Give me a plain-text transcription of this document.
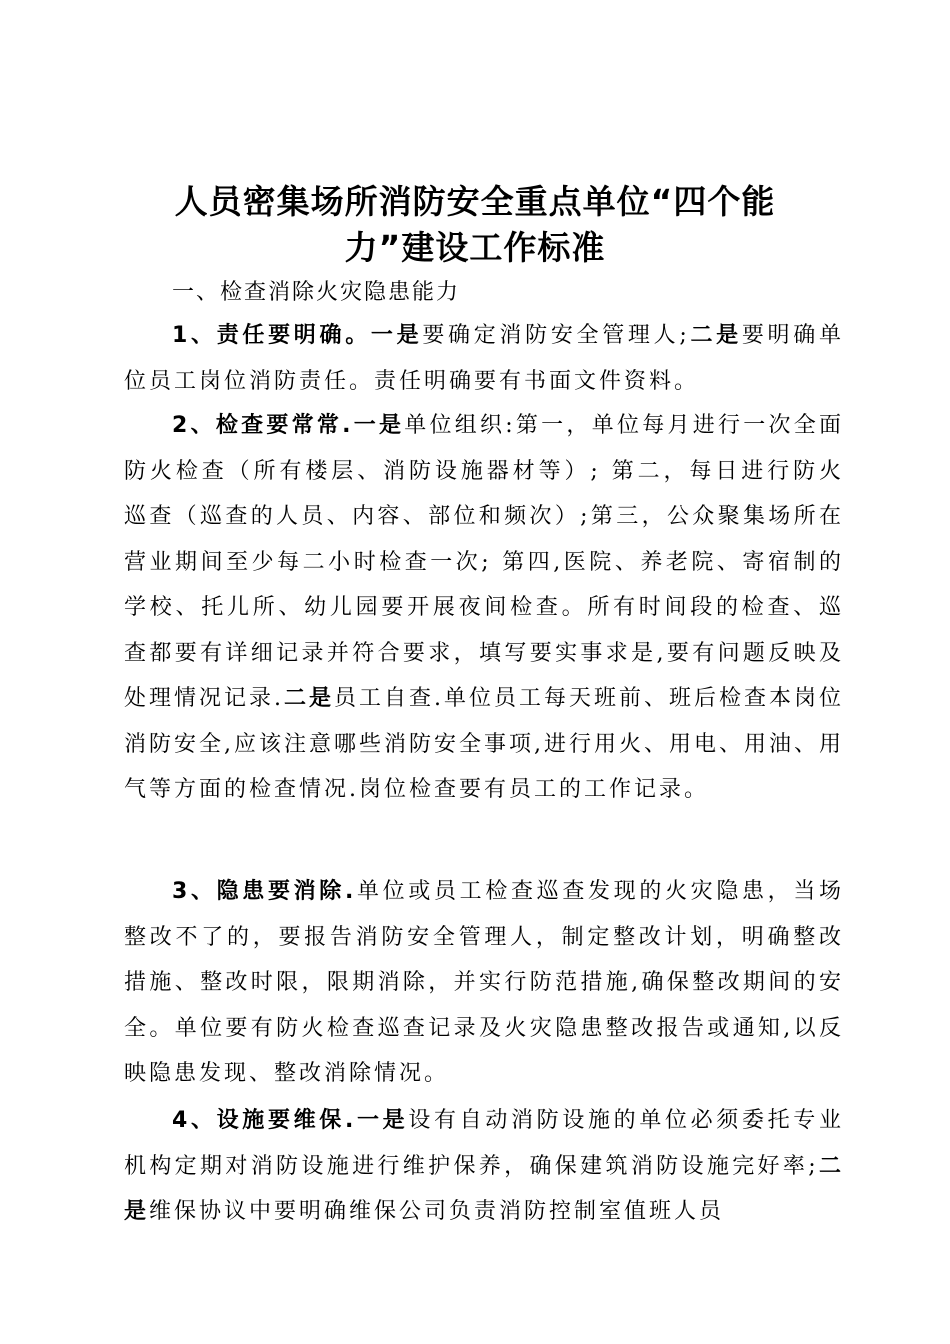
人员密集场所消防安全重点单位“四个能
力”建设工作标准

一、检查消除火灾隐患能力

1、责任要明确。一是要确定消防安全管理人;二是要明确单位员工岗位消防责任。责任明确要有书面文件资料。

2、检查要常常.一是单位组织:第一，单位每月进行一次全面防火检查（所有楼层、消防设施器材等）; 第二，每日进行防火巡查（巡查的人员、内容、部位和频次）;第三，公众聚集场所在营业期间至少每二小时检查一次; 第四,医院、养老院、寄宿制的学校、托儿所、幼儿园要开展夜间检查。所有时间段的检查、巡查都要有详细记录并符合要求，填写要实事求是,要有问题反映及处理情况记录.二是员工自查.单位员工每天班前、班后检查本岗位消防安全,应该注意哪些消防安全事项,进行用火、用电、用油、用气等方面的检查情况.岗位检查要有员工的工作记录。

3、隐患要消除.单位或员工检查巡查发现的火灾隐患，当场整改不了的，要报告消防安全管理人，制定整改计划，明确整改措施、整改时限，限期消除，并实行防范措施,确保整改期间的安全。单位要有防火检查巡查记录及火灾隐患整改报告或通知,以反映隐患发现、整改消除情况。

4、设施要维保.一是设有自动消防设施的单位必须委托专业机构定期对消防设施进行维护保养，确保建筑消防设施完好率;二是维保协议中要明确维保公司负责消防控制室值班人员
